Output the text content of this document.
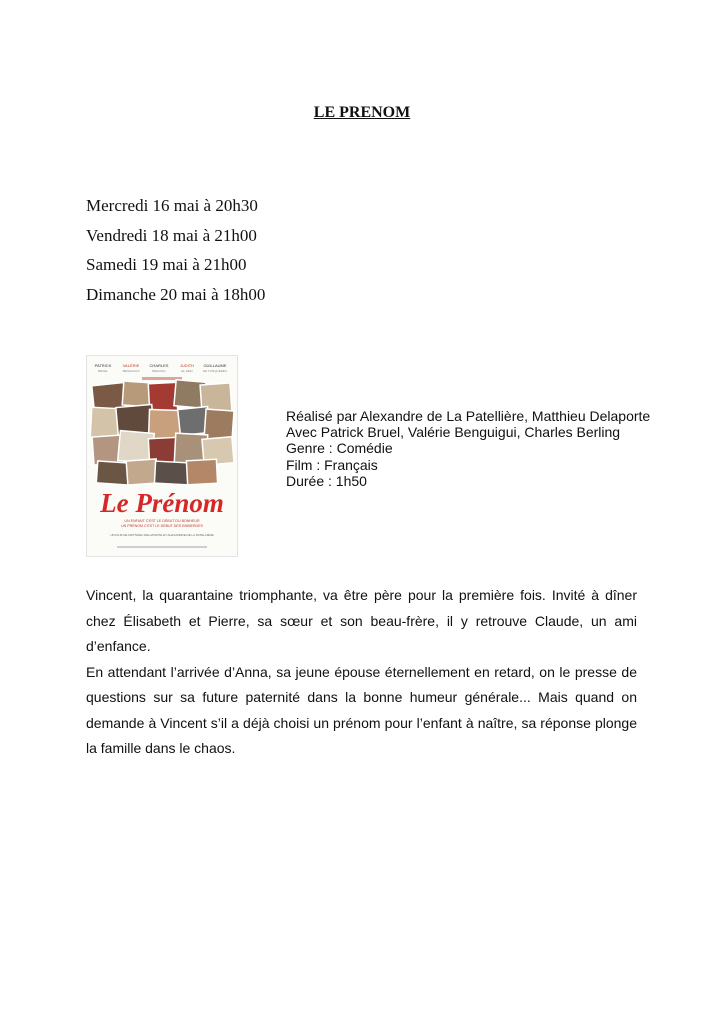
LE PRENOM
Mercredi 16 mai à 20h30
Vendredi 18 mai à 21h00
Samedi 19 mai à 21h00
Dimanche 20 mai à 18h00
PATRICK
BRUEL
VALÉRIE
BENGUIGUI
CHARLES
BERLING
JUDITH
EL ZEIN
GUILLAUME
DE TONQUEDEC
Le Prénom
UN ENFANT C'EST LE DÉBUT DU BONHEUR
UN PRÉNOM C'EST LE DÉBUT DES EMMERDES
UN FILM DE MATTHIEU DELAPORTE ET ALEXANDRE DE LA PATELLIÈRE
Réalisé par Alexandre de La Patellière, Matthieu Delaporte
Avec Patrick Bruel, Valérie Benguigui, Charles Berling
Genre : Comédie
Film : Français
Durée : 1h50

Vincent, la quarantaine triomphante, va être père pour la première fois. Invité à dîner chez Élisabeth et Pierre, sa sœur et son beau-frère, il y retrouve Claude, un ami d’enfance.

En attendant l’arrivée d’Anna, sa jeune épouse éternellement en retard, on le presse de questions sur sa future paternité dans la bonne humeur générale... Mais quand on demande à Vincent s’il a déjà choisi un prénom pour l’enfant à naître, sa réponse plonge la famille dans le chaos.
